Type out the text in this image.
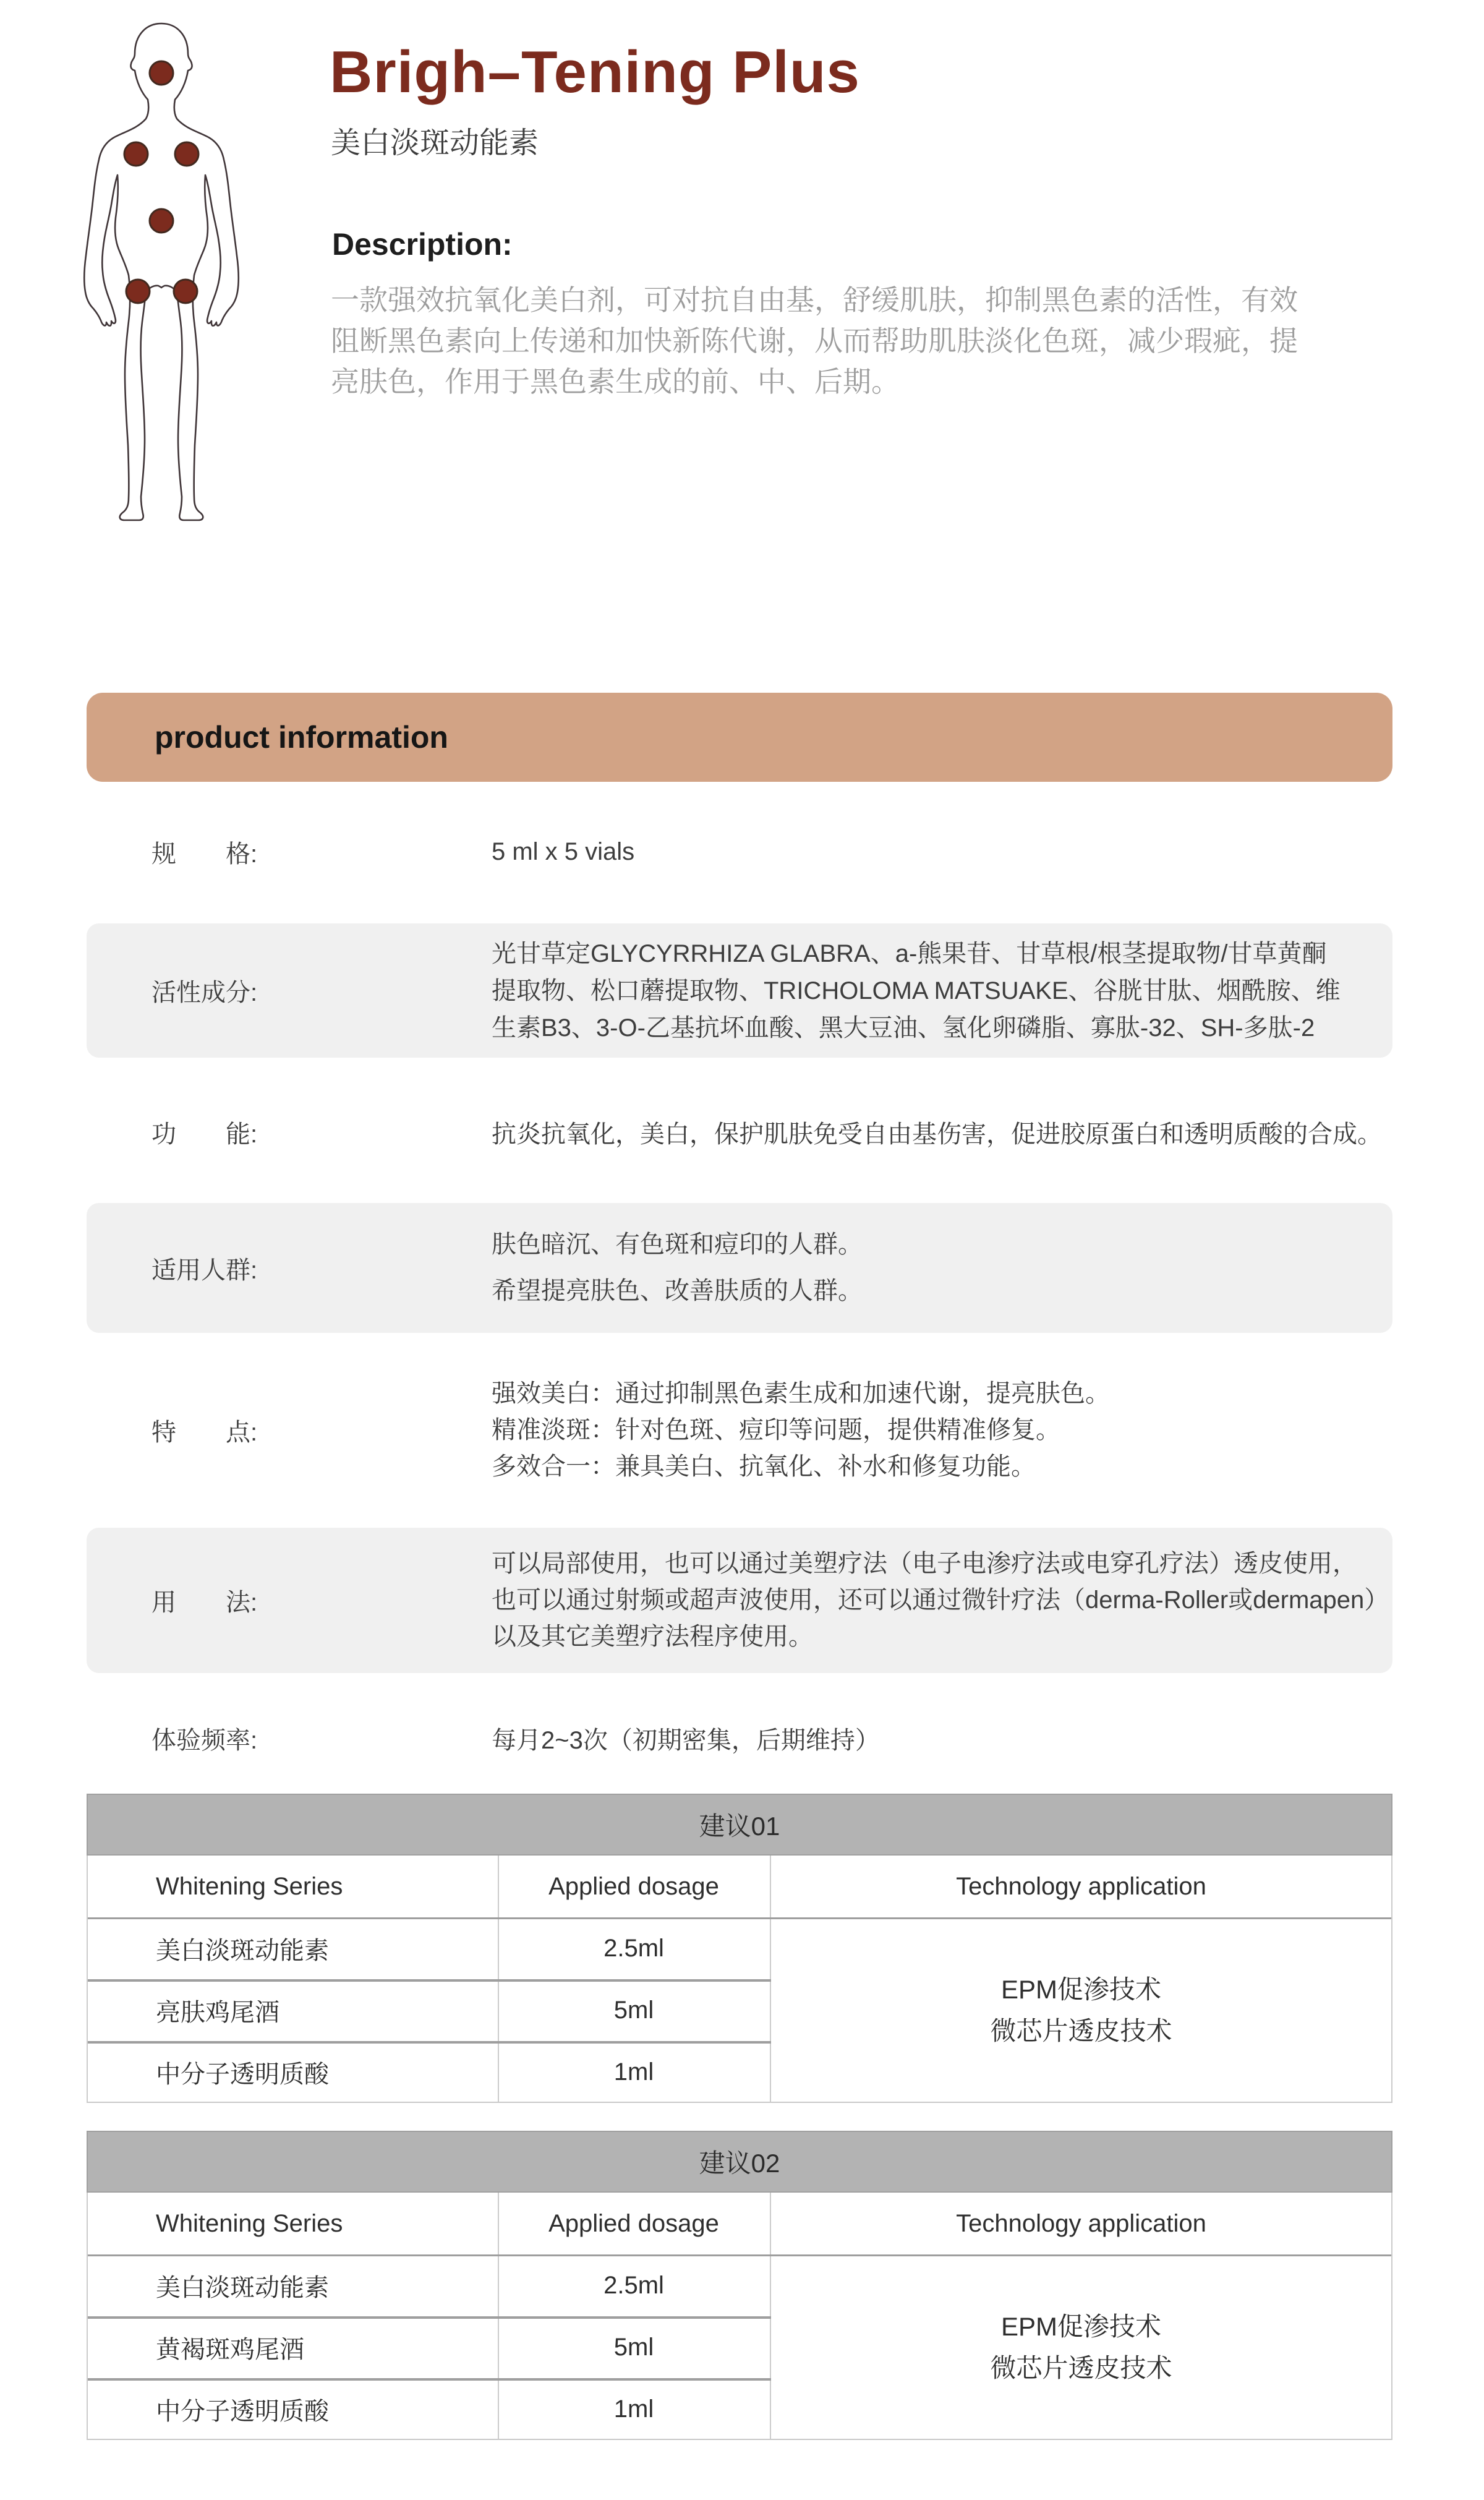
Brigh–Tening Plus
美白淡斑动能素
Description:
一款强效抗氧化美白剂，可对抗自由基，舒缓肌肤，抑制黑色素的活性，有效
阻断黑色素向上传递和加快新陈代谢，从而帮助肌肤淡化色斑，减少瑕疵，提
亮肤色，作用于黑色素生成的前、中、后期。
product information
规　　格:	5 ml x 5 vials
活性成分:
光甘草定GLYCYRRHIZA GLABRA、a-熊果苷、甘草根/根茎提取物/甘草黄酮
提取物、松口蘑提取物、TRICHOLOMA MATSUAKE、谷胱甘肽、烟酰胺、维
生素B3、3-O-乙基抗坏血酸、黑大豆油、氢化卵磷脂、寡肽-32、SH-多肽-2
功　　能:	抗炎抗氧化，美白，保护肌肤免受自由基伤害，促进胶原蛋白和透明质酸的合成。
适用人群:
肤色暗沉、有色斑和痘印的人群。
希望提亮肤色、改善肤质的人群。
特　　点:
强效美白：通过抑制黑色素生成和加速代谢，提亮肤色。
精准淡斑：针对色斑、痘印等问题，提供精准修复。
多效合一：兼具美白、抗氧化、补水和修复功能。
用　　法:
可以局部使用，也可以通过美塑疗法（电子电渗疗法或电穿孔疗法）透皮使用，
也可以通过射频或超声波使用，还可以通过微针疗法（derma-Roller或dermapen）
以及其它美塑疗法程序使用。
体验频率:	每月2~3次（初期密集，后期维持）
建议01
Whitening Series	Applied dosage	Technology application
美白淡斑动能素	2.5ml
亮肤鸡尾酒	5ml
中分子透明质酸	1ml
EPM促渗技术
微芯片透皮技术
建议02
Whitening Series	Applied dosage	Technology application
美白淡斑动能素	2.5ml
黄褐斑鸡尾酒	5ml
中分子透明质酸	1ml
EPM促渗技术
微芯片透皮技术
